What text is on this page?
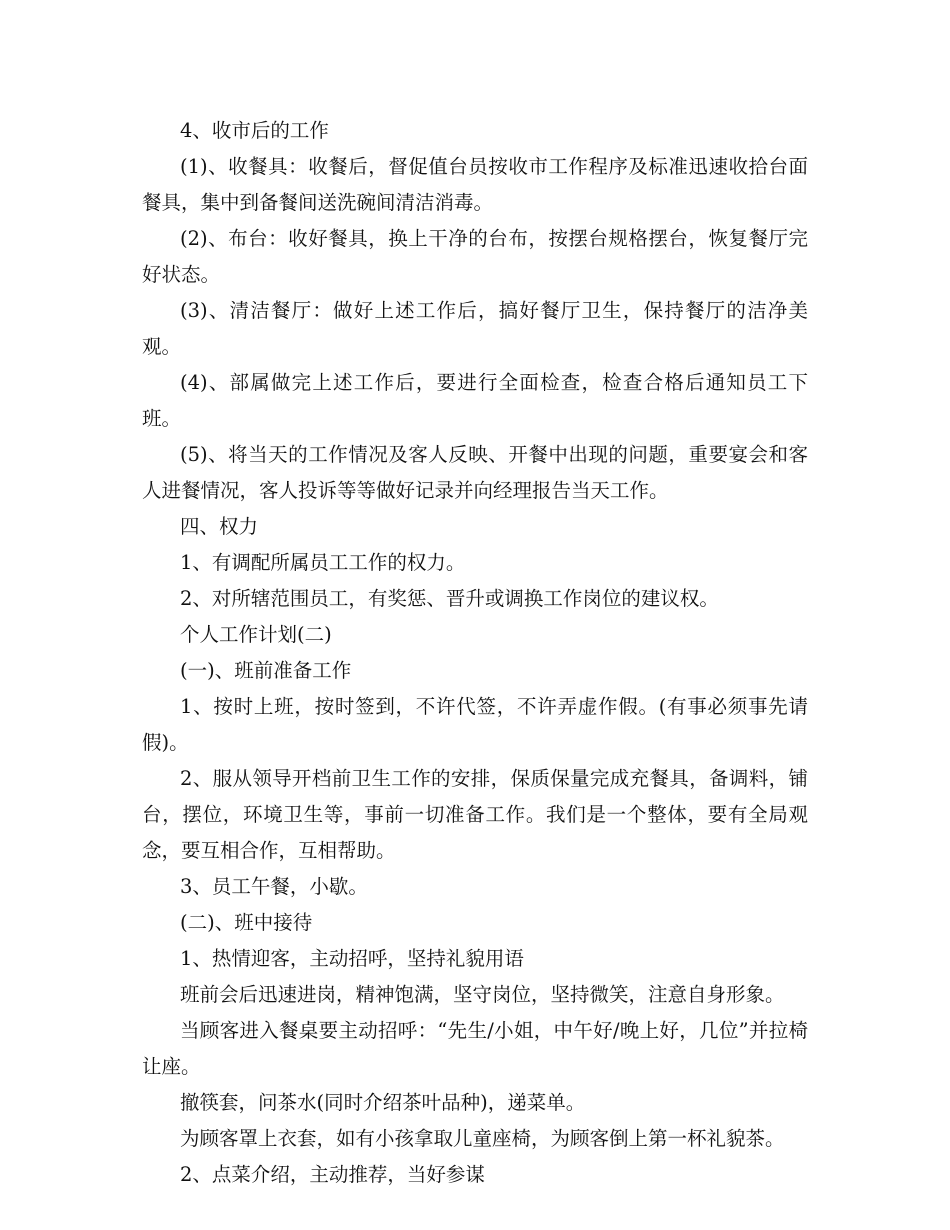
4、收市后的工作

(1)、收餐具：收餐后，督促值台员按收市工作程序及标准迅速收拾台面餐具，集中到备餐间送洗碗间清洁消毒。

(2)、布台：收好餐具，换上干净的台布，按摆台规格摆台，恢复餐厅完好状态。

(3)、清洁餐厅：做好上述工作后，搞好餐厅卫生，保持餐厅的洁净美观。

(4)、部属做完上述工作后，要进行全面检查，检查合格后通知员工下班。

(5)、将当天的工作情况及客人反映、开餐中出现的问题，重要宴会和客人进餐情况，客人投诉等等做好记录并向经理报告当天工作。

四、权力

1、有调配所属员工工作的权力。

2、对所辖范围员工，有奖惩、晋升或调换工作岗位的建议权。

个人工作计划(二)

(一)、班前准备工作

1、按时上班，按时签到，不许代签，不许弄虚作假。(有事必须事先请假)。

2、服从领导开档前卫生工作的安排，保质保量完成充餐具，备调料，铺台，摆位，环境卫生等，事前一切准备工作。我们是一个整体，要有全局观念，要互相合作，互相帮助。

3、员工午餐，小歇。

(二)、班中接待

1、热情迎客，主动招呼，坚持礼貌用语

班前会后迅速进岗，精神饱满，坚守岗位，坚持微笑，注意自身形象。

当顾客进入餐桌要主动招呼：“先生/小姐，中午好/晚上好，几位”并拉椅让座。

撤筷套，问茶水(同时介绍茶叶品种)，递菜单。

为顾客罩上衣套，如有小孩拿取儿童座椅，为顾客倒上第一杯礼貌茶。

2、点菜介绍，主动推荐，当好参谋
